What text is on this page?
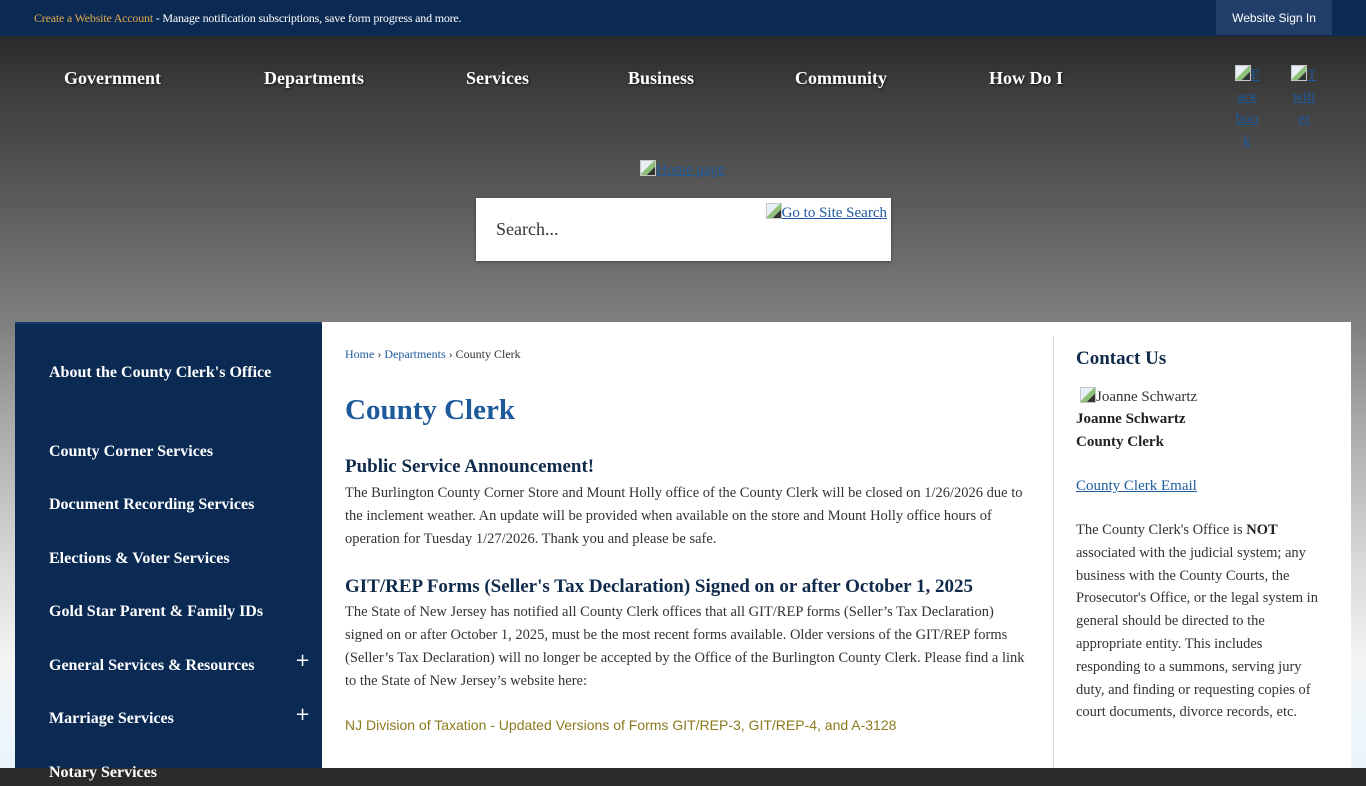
Create a Website Account - Manage notification subscriptions, save form progress and more.	Website Sign In
Government	Departments	Services	Business	Community	How Do I	Facebook
Twitter
Home page
Search...
Go to Site Search
About the County Clerk's Office
County Corner Services
Document Recording Services
Elections & Voter Services
Gold Star Parent & Family IDs
General Services & Resources	+
Marriage Services	+
Notary Services
Home › Departments › County Clerk
County Clerk
Public Service Announcement!

The Burlington County Corner Store and Mount Holly office of the County Clerk will be closed on 1/26/2026 due to the inclement weather. An update will be provided when available on the store and Mount Holly office hours of operation for Tuesday 1/27/2026. Thank you and please be safe.

GIT/REP Forms (Seller's Tax Declaration) Signed on or after October 1, 2025

The State of New Jersey has notified all County Clerk offices that all GIT/REP forms (Seller’s Tax Declaration) signed on or after October 1, 2025, must be the most recent forms available. Older versions of the GIT/REP forms (Seller’s Tax Declaration) will no longer be accepted by the Office of the Burlington County Clerk. Please find a link to the State of New Jersey’s website here:

NJ Division of Taxation - Updated Versions of Forms GIT/REP-3, GIT/REP-4, and A-3128
Contact Us
Joanne Schwartz
Joanne Schwartz
County Clerk
County Clerk Email

The County Clerk's Office is NOT associated with the judicial system; any business with the County Courts, the Prosecutor's Office, or the legal system in general should be directed to the appropriate entity. This includes responding to a summons, serving jury duty, and finding or requesting copies of court documents, divorce records, etc.
